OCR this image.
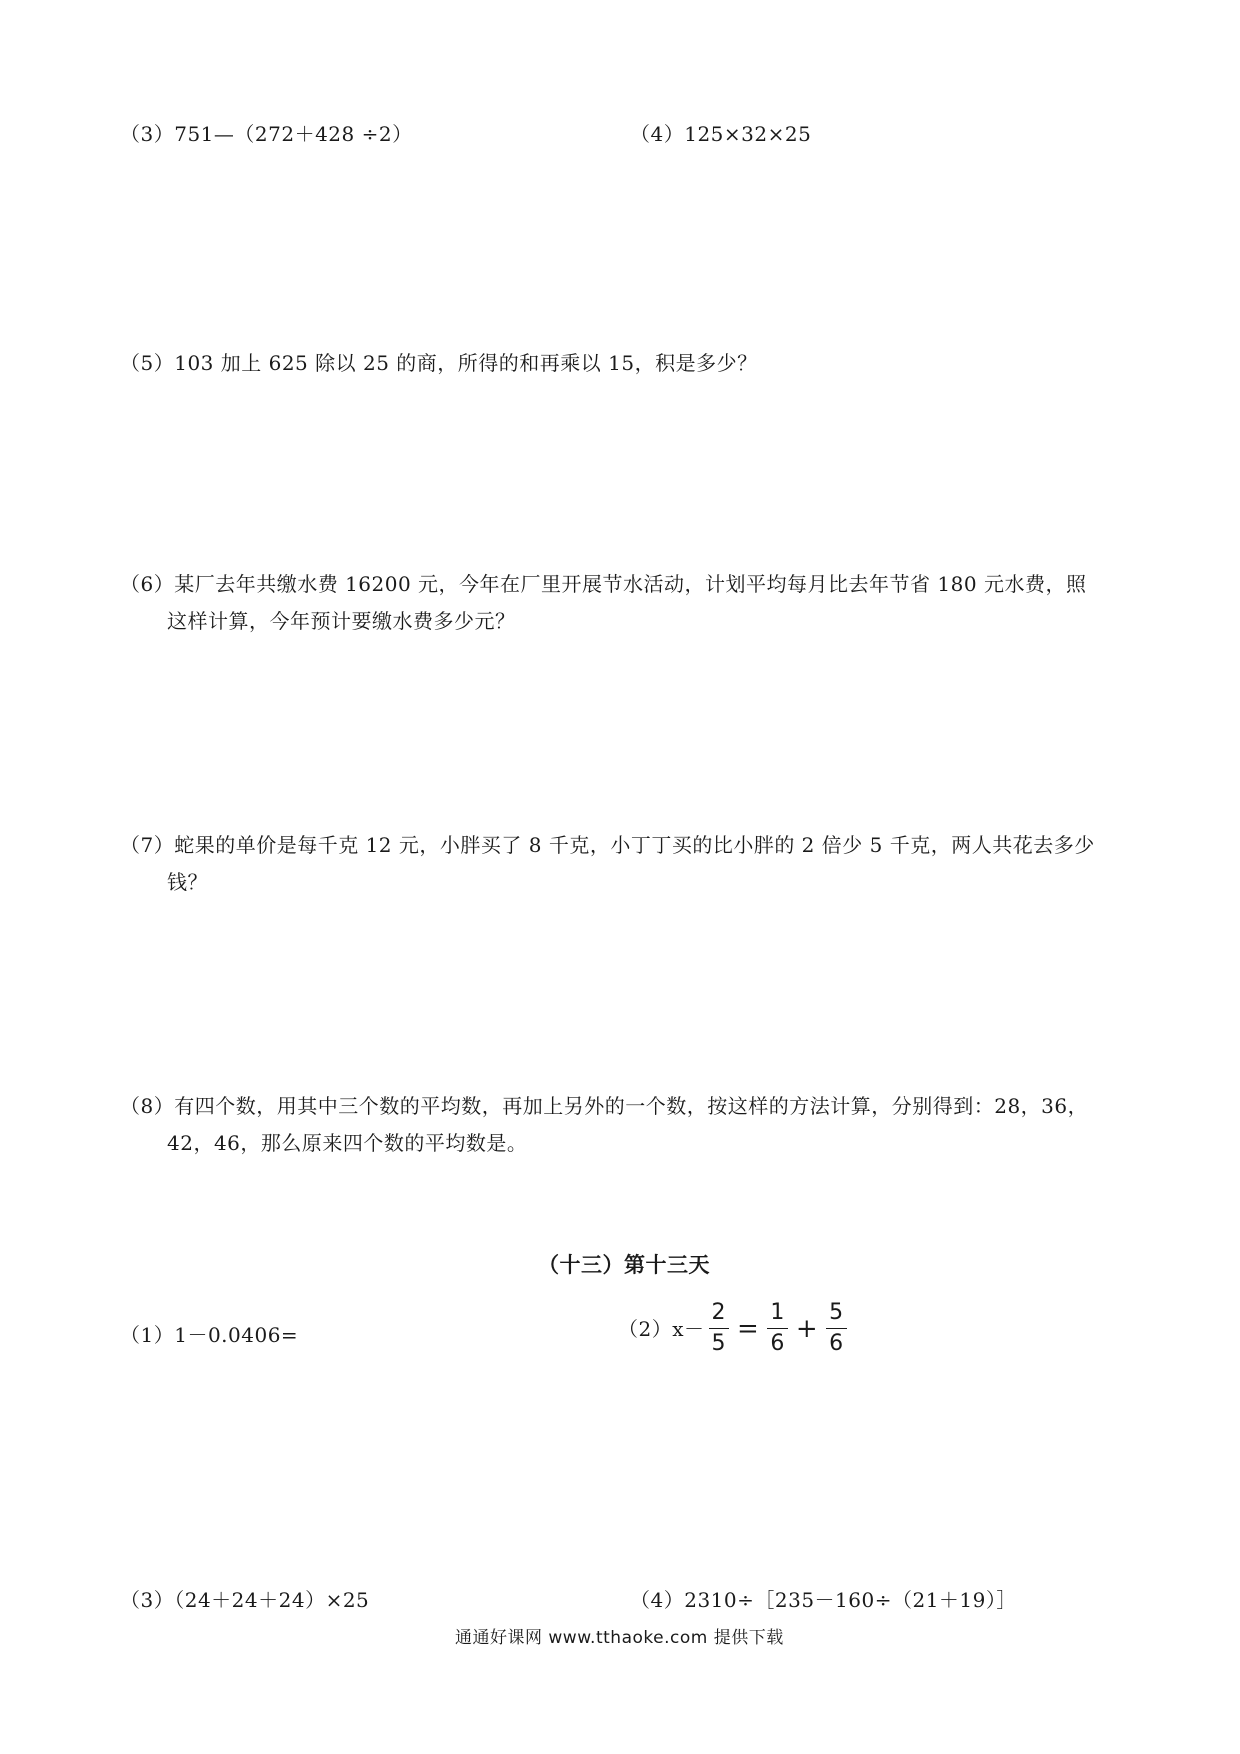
（3）751—（272＋428 ÷2）	（4）125×32×25
（5）103 加上 625 除以 25 的商，所得的和再乘以 15，积是多少？
（6）某厂去年共缴水费 16200 元，今年在厂里开展节水活动，计划平均每月比去年节省 180 元水费，照
这样计算，今年预计要缴水费多少元？
（7）蛇果的单价是每千克 12 元，小胖买了 8 千克，小丁丁买的比小胖的 2 倍少 5 千克，两人共花去多少
钱？
（8）有四个数，用其中三个数的平均数，再加上另外的一个数，按这样的方法计算，分别得到：28，36，
42，46，那么原来四个数的平均数是。
（十三）第十三天
（1）1－0.0406=	$(2)x- \frac{2}{5} = \frac{1}{6} + \frac{5}{6}$
（3）（24＋24＋24）×25	（4）2310÷［235－160÷（21＋19）］
通通好课网 www.tthaoke.com 提供下载
